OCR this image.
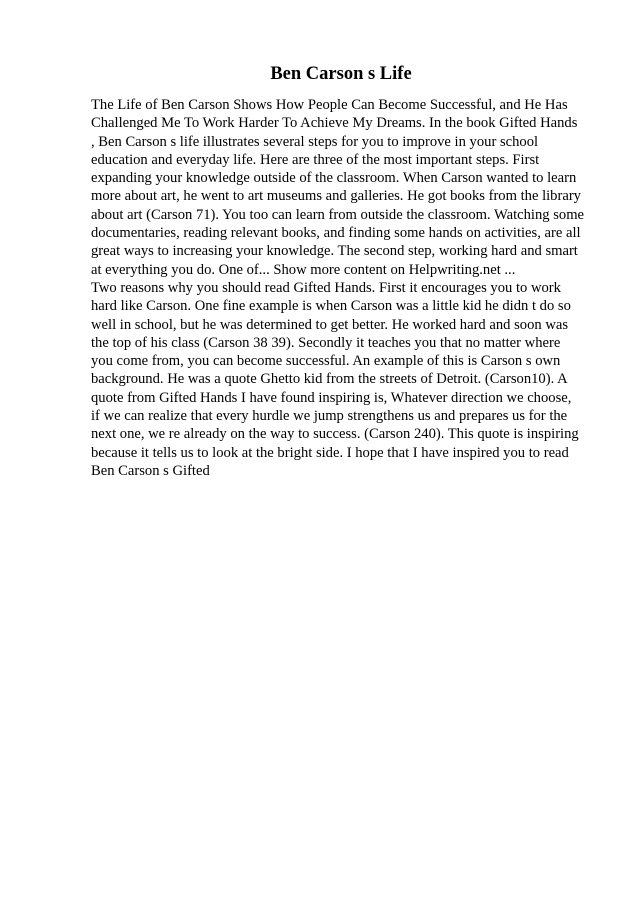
Ben Carson s Life
The Life of Ben Carson Shows How People Can Become Successful, and He Has
Challenged Me To Work Harder To Achieve My Dreams. In the book Gifted Hands
, Ben Carson s life illustrates several steps for you to improve in your school
education and everyday life. Here are three of the most important steps. First
expanding your knowledge outside of the classroom. When Carson wanted to learn
more about art, he went to art museums and galleries. He got books from the library
about art (Carson 71). You too can learn from outside the classroom. Watching some
documentaries, reading relevant books, and finding some hands on activities, are all
great ways to increasing your knowledge. The second step, working hard and smart
at everything you do. One of... Show more content on Helpwriting.net ...
Two reasons why you should read Gifted Hands. First it encourages you to work
hard like Carson. One fine example is when Carson was a little kid he didn t do so
well in school, but he was determined to get better. He worked hard and soon was
the top of his class (Carson 38 39). Secondly it teaches you that no matter where
you come from, you can become successful. An example of this is Carson s own
background. He was a quote Ghetto kid from the streets of Detroit. (Carson10). A
quote from Gifted Hands I have found inspiring is, Whatever direction we choose,
if we can realize that every hurdle we jump strengthens us and prepares us for the
next one, we re already on the way to success. (Carson 240). This quote is inspiring
because it tells us to look at the bright side. I hope that I have inspired you to read
Ben Carson s Gifted
